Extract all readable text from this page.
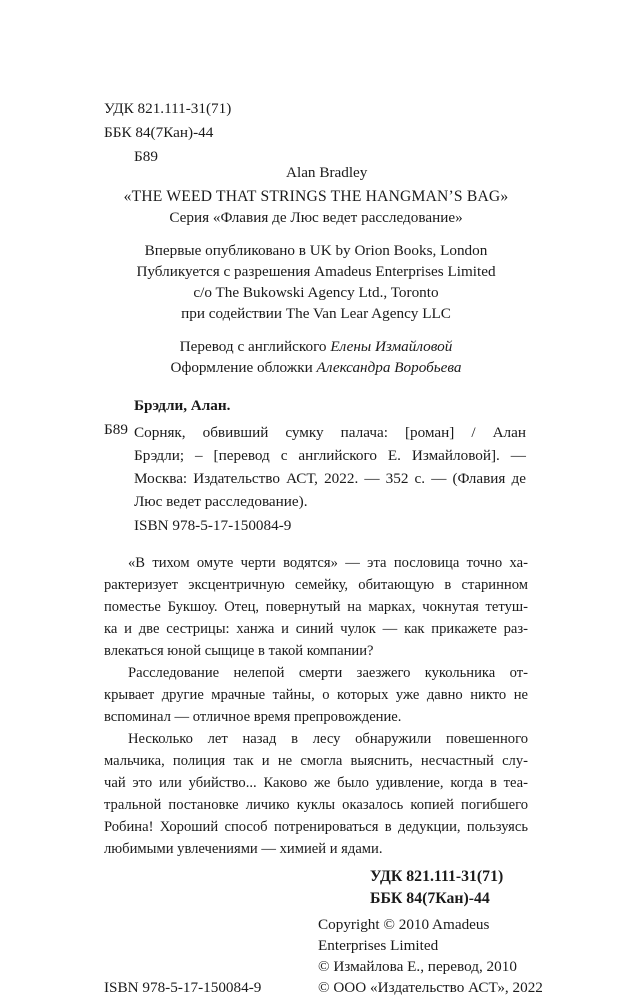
УДК 821.111-31(71)
ББК 84(7Кан)-44
Б89
Alan Bradley
«THE WEED THAT STRINGS THE HANGMAN’S BAG»
Серия «Флавия де Люс ведет расследование»
Впервые опубликовано в UK by Orion Books, London
Публикуется с разрешения Amadeus Enterprises Limited
c/o The Bukowski Agency Ltd., Toronto
при содействии The Van Lear Agency LLC
Перевод с английского Елены Измайловой
Оформление обложки Александра Воробьева
Брэдли, Алан.
Б89 Сорняк, обвивший сумку палача: [роман] / Алан
Брэдли; – [перевод с английского Е. Измайловой]. —
Москва: Издательство АСТ, 2022. — 352 с. — (Флавия де
Люс ведет расследование).
ISBN 978-5-17-150084-9
«В тихом омуте черти водятся» — эта пословица точно ха-
рактеризует эксцентричную семейку, обитающую в старинном
поместье Букшоу. Отец, повернутый на марках, чокнутая тетуш-
ка и две сестрицы: ханжа и синий чулок — как прикажете раз-
влекаться юной сыщице в такой компании?
Расследование нелепой смерти заезжего кукольника от-
крывает другие мрачные тайны, о которых уже давно никто не
вспоминал — отличное время препровождение.
Несколько лет назад в лесу обнаружили повешенного
мальчика, полиция так и не смогла выяснить, несчастный слу-
чай это или убийство... Каково же было удивление, когда в теа-
тральной постановке личико куклы оказалось копией погибшего
Робина! Хороший способ потренироваться в дедукции, пользуясь
любимыми увлечениями — химией и ядами.
УДК 821.111-31(71)
ББК 84(7Кан)-44
Copyright © 2010 Amadeus
Enterprises Limited
© Измайлова Е., перевод, 2010
© ООО «Издательство АСТ», 2022
ISBN 978-5-17-150084-9
